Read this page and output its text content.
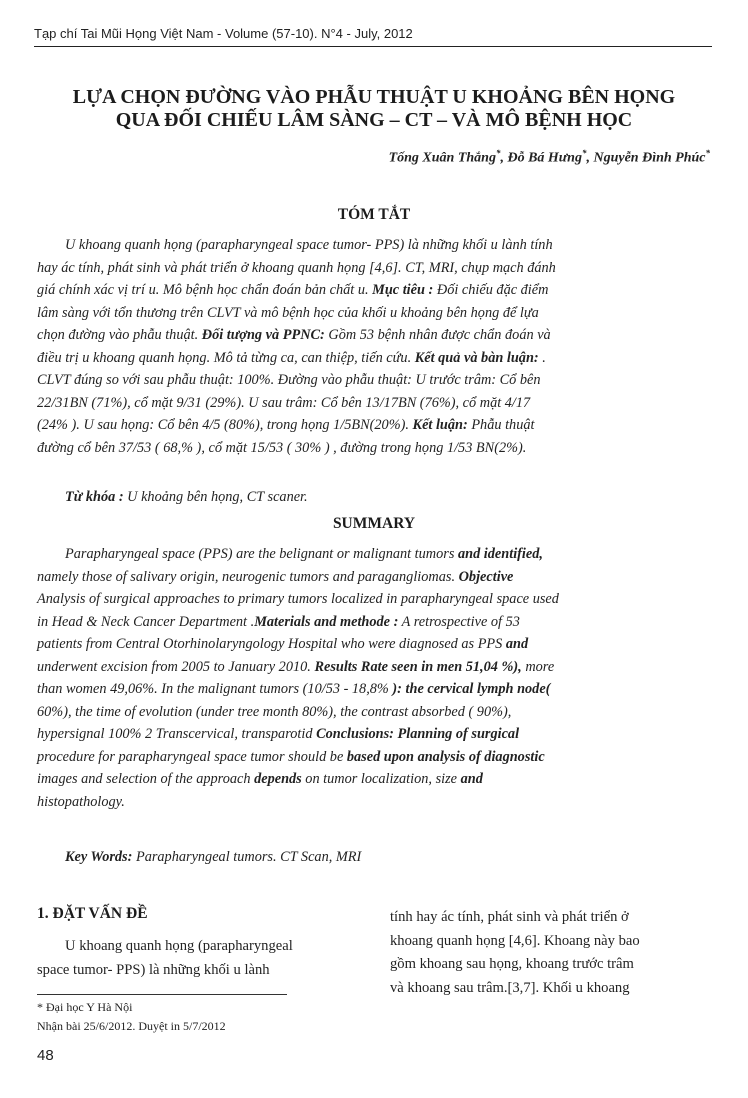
Tạp chí Tai Mũi Họng Việt Nam - Volume (57-10). N°4 - July, 2012
LỰA CHỌN ĐƯỜNG VÀO PHẪU THUẬT U KHOẢNG BÊN HỌNG
QUA ĐỐI CHIẾU LÂM SÀNG – CT – VÀ MÔ BỆNH HỌC
Tống Xuân Thắng*, Đỗ Bá Hưng*, Nguyễn Đình Phúc*
TÓM TẮT
U khoang quanh họng (parapharyngeal space tumor- PPS) là những khối u lành tính
hay ác tính, phát sinh và phát triển ở khoang quanh họng [4,6]. CT, MRI, chụp mạch đánh
giá chính xác vị trí u. Mô bệnh học chẩn đoán bản chất u. Mục tiêu : Đối chiếu đặc điểm
lâm sàng với tổn thương trên CLVT và mô bệnh học của khối u khoảng bên họng để lựa
chọn đường vào phẫu thuật. Đối tượng và PPNC: Gồm 53 bệnh nhân được chẩn đoán và
điều trị u khoang quanh họng. Mô tả từng ca, can thiệp, tiến cứu. Kết quả và bàn luận: .
CLVT đúng so với sau phẫu thuật: 100%. Đường vào phẫu thuật: U trước trâm: Cổ bên
22/31BN (71%), cổ mặt 9/31 (29%). U sau trâm: Cổ bên 13/17BN (76%), cổ mặt 4/17
(24% ). U sau họng: Cổ bên 4/5 (80%), trong họng 1/5BN(20%). Kết luận: Phẫu thuật
đường cổ bên 37/53 ( 68,% ), cổ mặt 15/53 ( 30% ) , đường trong họng 1/53 BN(2%).
Từ khóa : U khoảng bên họng, CT scaner.
SUMMARY
Parapharyngeal space (PPS) are the belignant or malignant tumors and identified,
namely those of salivary origin, neurogenic tumors and paragangliomas. Objective
Analysis of surgical approaches to primary tumors localized in parapharyngeal space used
in Head & Neck Cancer Department .Materials and methode : A retrospective of 53
patients from Central Otorhinolaryngology Hospital who were diagnosed as PPS and
underwent excision from 2005 to January 2010. Results Rate seen in men 51,04 %), more
than women 49,06%. In the malignant tumors (10/53 - 18,8% ): the cervical lymph node(
60%), the time of evolution (under tree month 80%), the contrast absorbed ( 90%),
hypersignal 100% 2 Transcervical, transparotid Conclusions: Planning of surgical
procedure for parapharyngeal space tumor should be based upon analysis of diagnostic
images and selection of the approach depends on tumor localization, size and
histopathology.
Key Words: Parapharyngeal tumors. CT Scan, MRI
1. ĐẶT VẤN ĐỀ
U khoang quanh họng (parapharyngeal
space tumor- PPS) là những khối u lành
tính hay ác tính, phát sinh và phát triển ở
khoang quanh họng [4,6]. Khoang này bao
gồm khoang sau họng, khoang trước trâm
và khoang sau trâm.[3,7]. Khối u khoang
* Đại học Y Hà Nội
Nhận bài 25/6/2012. Duyệt in 5/7/2012
48
